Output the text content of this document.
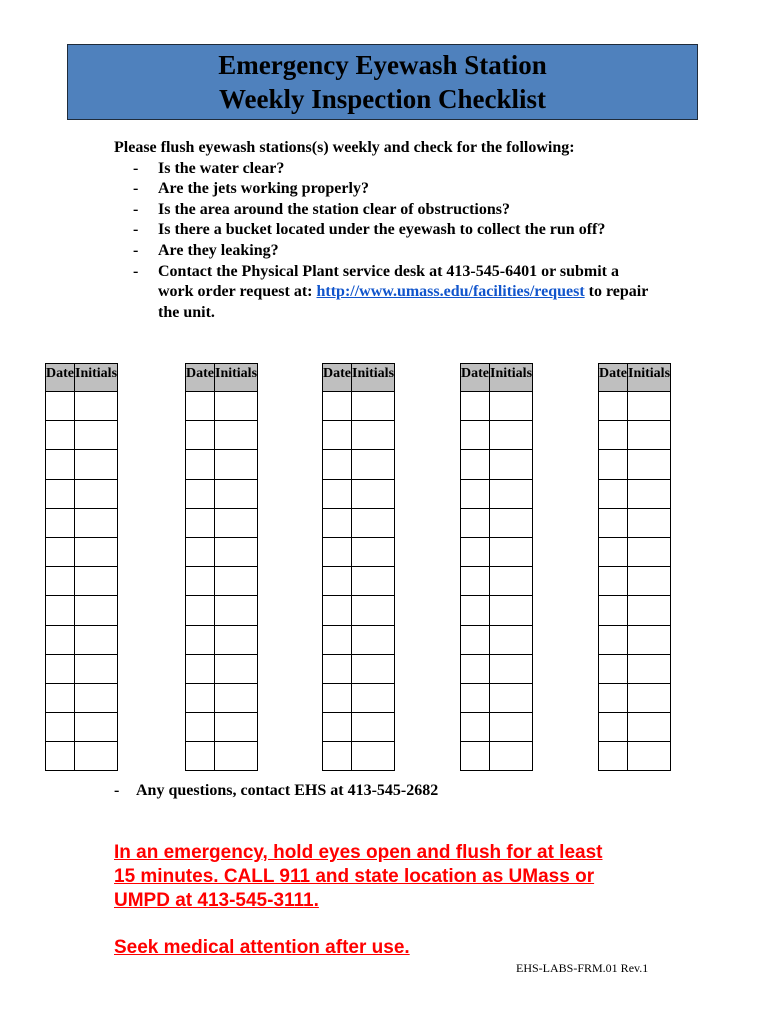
Emergency Eyewash Station
Weekly Inspection Checklist
Please flush eyewash stations(s) weekly and check for the following:
- Is the water clear?
- Are the jets working properly?
- Is the area around the station clear of obstructions?
- Is there a bucket located under the eyewash to collect the run off?
- Are they leaking?
- Contact the Physical Plant service desk at 413-545-6401 or submit a work order request at: http://www.umass.edu/facilities/request to repair the unit.
Date	Initials

		Date	Initials

		Date	Initials

		Date	Initials

		Date	Initials

- Any questions, contact EHS at 413-545-2682
In an emergency, hold eyes open and flush for at least
15 minutes. CALL 911 and state location as UMass or
UMPD at 413-545-3111.
Seek medical attention after use.
EHS-LABS-FRM.01 Rev.1
